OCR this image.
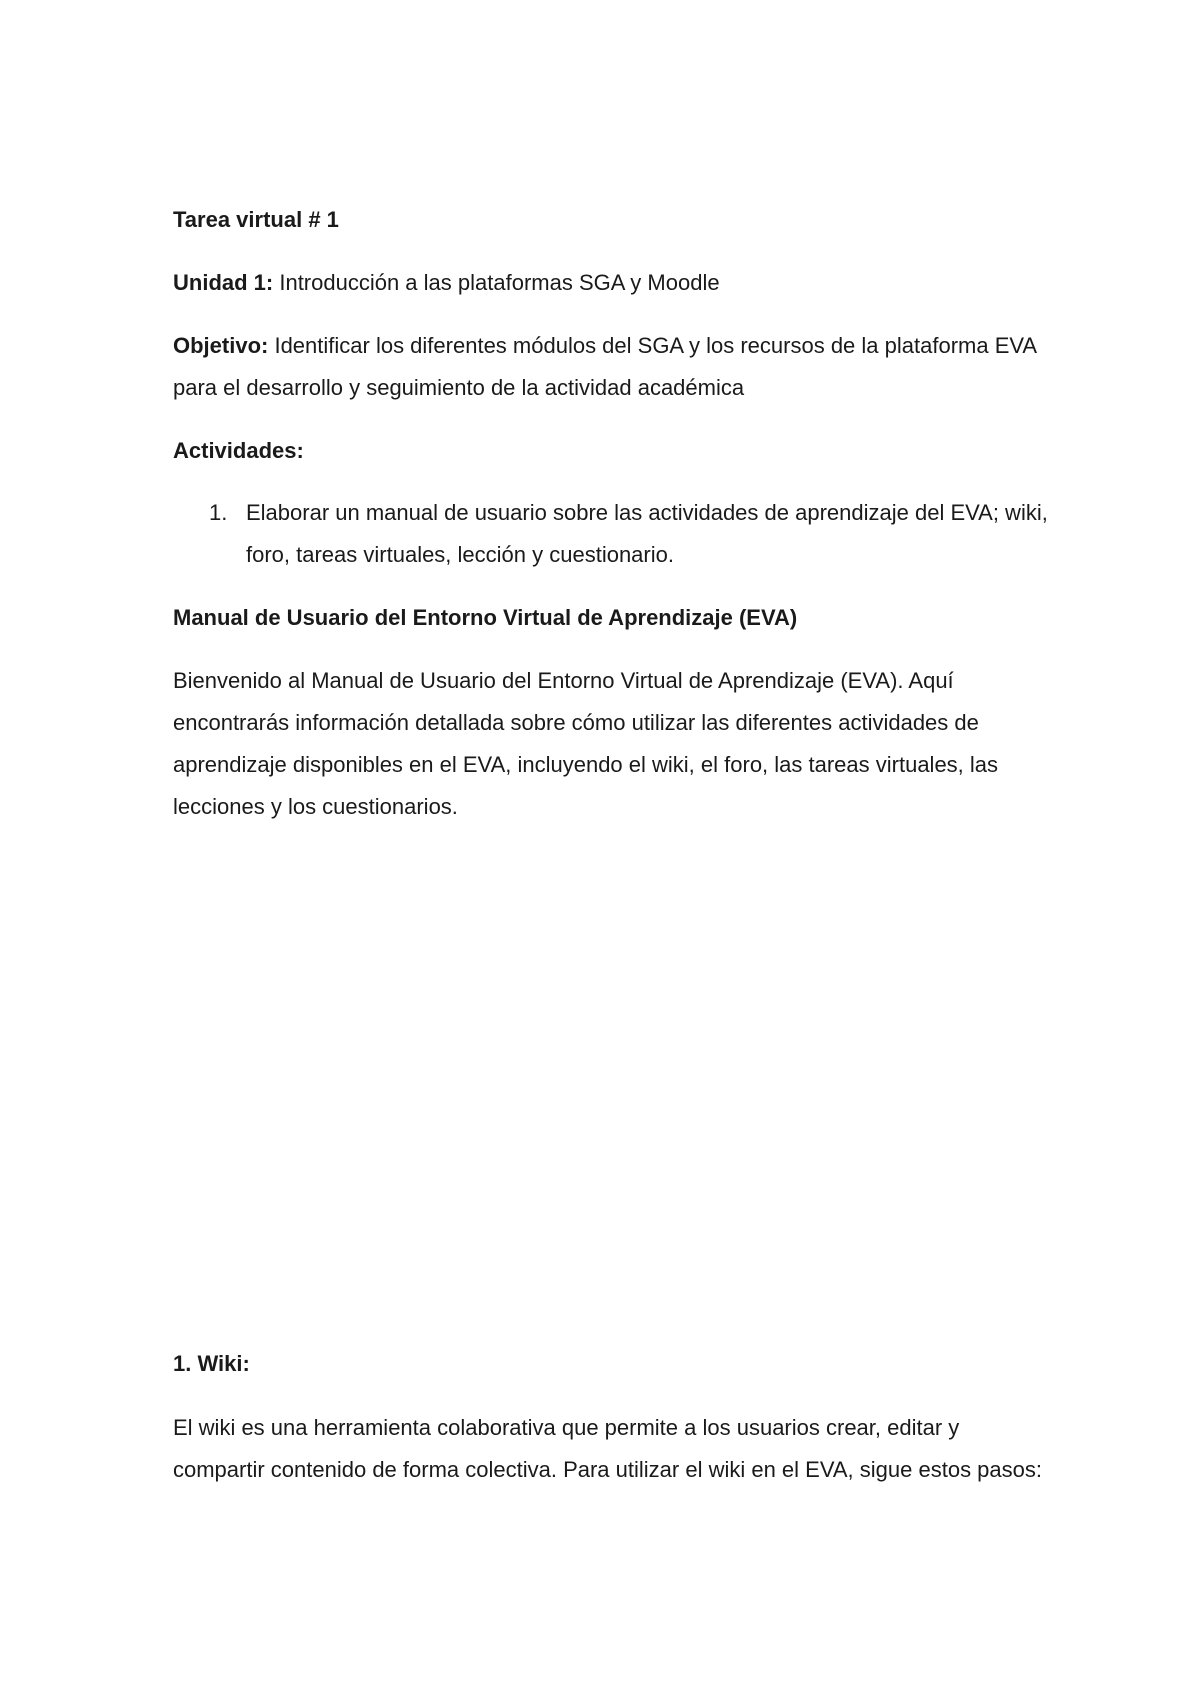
Tarea virtual # 1

Unidad 1: Introducción a las plataformas SGA y Moodle

Objetivo: Identificar los diferentes módulos del SGA y los recursos de la plataforma EVA para el desarrollo y seguimiento de la actividad académica

Actividades:

1. Elaborar un manual de usuario sobre las actividades de aprendizaje del EVA; wiki, foro, tareas virtuales, lección y cuestionario.

Manual de Usuario del Entorno Virtual de Aprendizaje (EVA)

Bienvenido al Manual de Usuario del Entorno Virtual de Aprendizaje (EVA). Aquí encontrarás información detallada sobre cómo utilizar las diferentes actividades de aprendizaje disponibles en el EVA, incluyendo el wiki, el foro, las tareas virtuales, las lecciones y los cuestionarios.

1. Wiki:

El wiki es una herramienta colaborativa que permite a los usuarios crear, editar y compartir contenido de forma colectiva. Para utilizar el wiki en el EVA, sigue estos pasos:
